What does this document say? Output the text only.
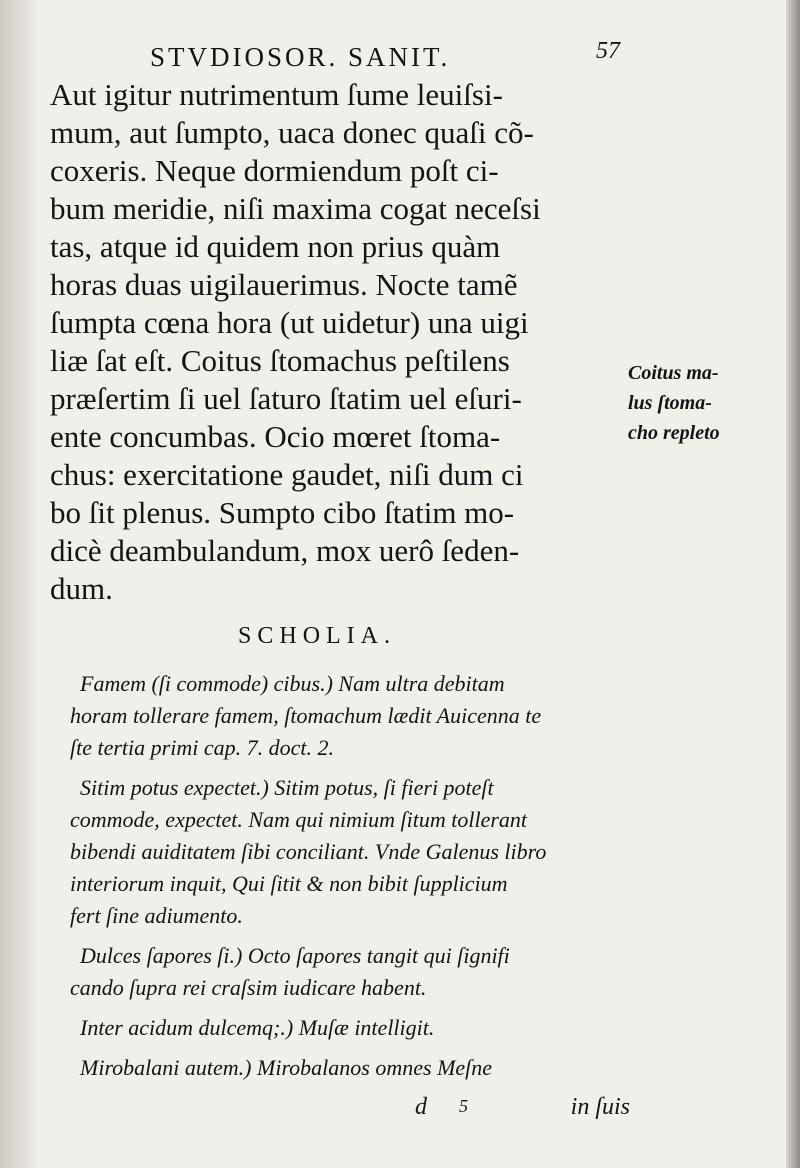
STVDIOSOR. SANIT.	57
Aut igitur nutrimentum ſume leuiſsi-
mum, aut ſumpto, uaca donec quaſi cõ-
coxeris. Neque dormiendum poſt ci-
bum meridie, niſi maxima cogat neceſsi
tas, atque id quidem non prius quàm
horas duas uigilauerimus. Nocte tamẽ
ſumpta cœna hora (ut uidetur) una uigi
liæ ſat eſt. Coitus ſtomachus peſtilens
præſertim ſi uel ſaturo ſtatim uel eſuri-
ente concumbas. Ocio mœret ſtoma-
chus: exercitatione gaudet, niſi dum ci
bo ſit plenus. Sumpto cibo ſtatim mo-
dicè deambulandum, mox uerô ſeden-
dum.
Coitus ma-
lus ſtoma-
cho repleto
SCHOLIA.
Famem (ſi commode) cibus.) Nam ultra debitam
horam tollerare famem, ſtomachum lædit Auicenna te
ſte tertia primi cap. 7. doct. 2.
Sitim potus expectet.) Sitim potus, ſi fieri poteſt
commode, expectet. Nam qui nimium ſitum tollerant
bibendi auiditatem ſibi conciliant. Vnde Galenus libro
interiorum inquit, Qui ſitit & non bibit ſupplicium
fert ſine adiumento.
Dulces ſapores ſi.) Octo ſapores tangit qui ſignifi
cando ſupra rei craſsim iudicare habent.
Inter acidum dulcemq;.) Muſæ intelligit.
Mirobalani autem.) Mirobalanos omnes Meſne
d 5	in ſuis
